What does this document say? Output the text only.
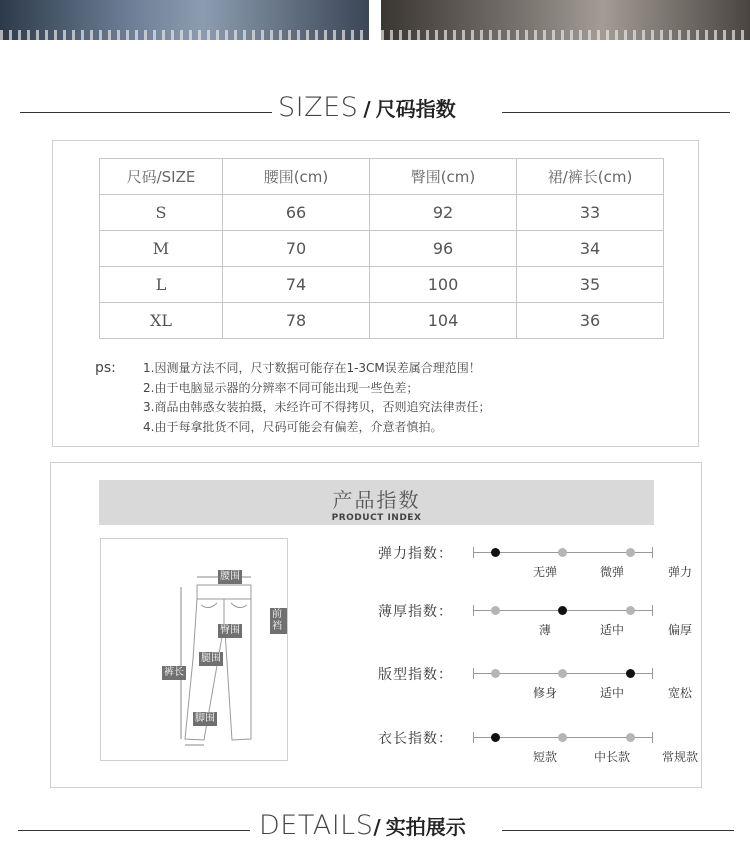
SIZES / 尺码指数
尺码/SIZE	腰围(cm)	臀围(cm)	裙/裤长(cm)
S	66	92	33
M	70	96	34
L	74	100	35
XL	78	104	36
ps: 1.因测量方法不同，尺寸数据可能存在1-3CM误差属合理范围！
2.由于电脑显示器的分辨率不同可能出现一些色差；
3.商品由韩惑女装拍摄，未经许可不得拷贝，否则追究法律责任；
4.由于每拿批货不同，尺码可能会有偏差，介意者慎拍。
产品指数
PRODUCT INDEX
腰围
前裆
臀围
裤长
腿围
脚围
弹力指数：
无弹	微弹	弹力
薄厚指数：
薄	适中	偏厚
版型指数：
修身	适中	宽松
衣长指数：
短款	中长款	常规款
DETAILS/ 实拍展示
